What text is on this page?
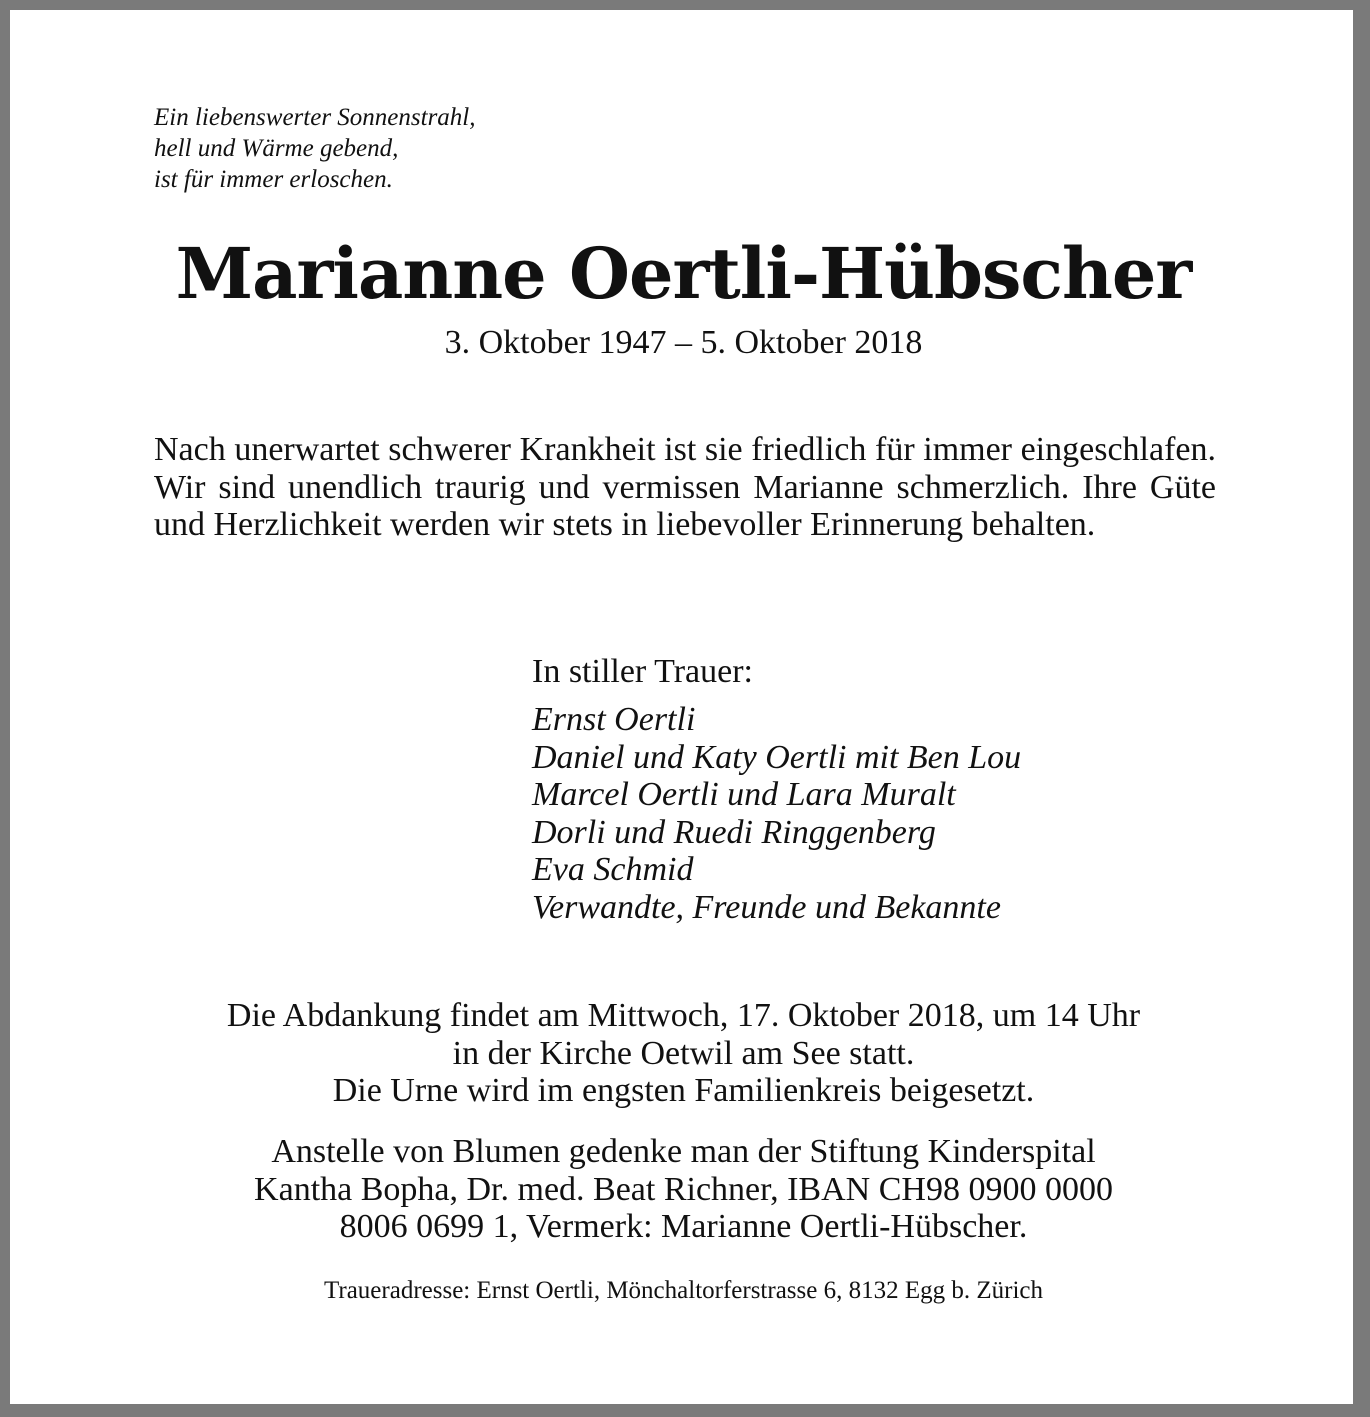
Ein liebenswerter Sonnenstrahl,
hell und Wärme gebend,
ist für immer erloschen.
Marianne Oertli-Hübscher
3. Oktober 1947 – 5. Oktober 2018

Nach unerwartet schwerer Krankheit ist sie friedlich für immer eingeschlafen. Wir sind unendlich traurig und vermissen Marianne schmerzlich. Ihre Güte und Herzlichkeit werden wir stets in liebevoller Erinnerung behalten.

In stiller Trauer:
Ernst Oertli
Daniel und Katy Oertli mit Ben Lou
Marcel Oertli und Lara Muralt
Dorli und Ruedi Ringgenberg
Eva Schmid
Verwandte, Freunde und Bekannte
Die Abdankung findet am Mittwoch, 17. Oktober 2018, um 14 Uhr
in der Kirche Oetwil am See statt.
Die Urne wird im engsten Familienkreis beigesetzt.
Anstelle von Blumen gedenke man der Stiftung Kinderspital
Kantha Bopha, Dr. med. Beat Richner, IBAN CH98 0900 0000
8006 0699 1, Vermerk: Marianne Oertli-Hübscher.
Traueradresse: Ernst Oertli, Mönchaltorferstrasse 6, 8132 Egg b. Zürich
